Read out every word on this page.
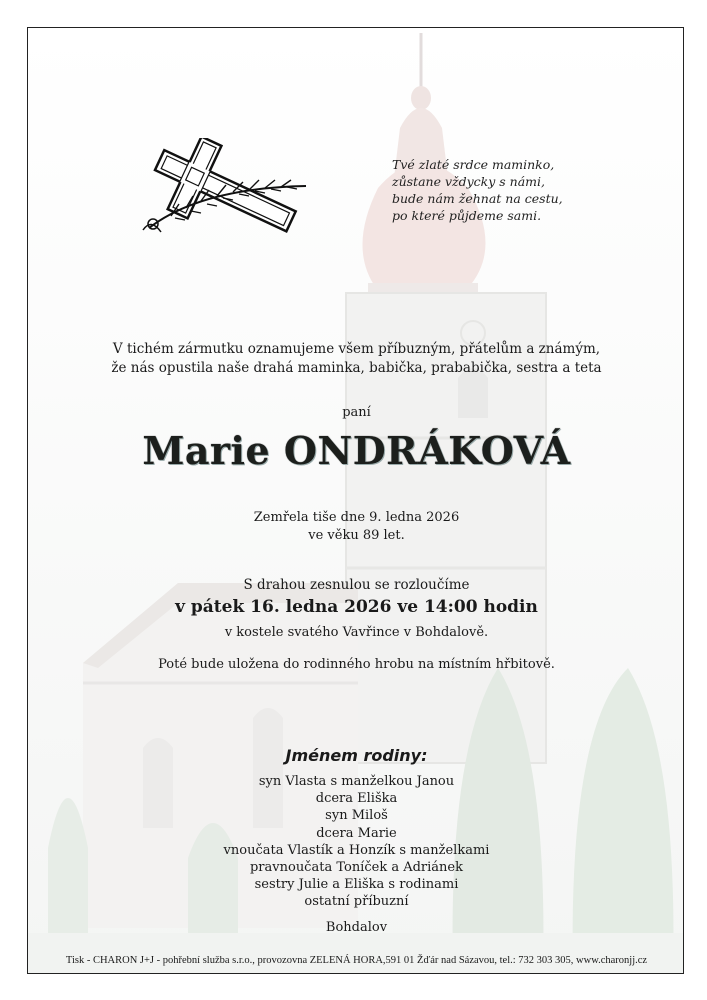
Tvé zlaté srdce maminko,
zůstane vždycky s námi,
bude nám žehnat na cestu,
po které půjdeme sami.
V tichém zármutku oznamujeme všem příbuzným, přátelům a známým,
že nás opustila naše drahá maminka, babička, prababička, sestra a teta
paní
Marie ONDRÁKOVÁ
Zemřela tiše dne 9. ledna 2026
ve věku 89 let.
S drahou zesnulou se rozloučíme
v pátek 16. ledna 2026 ve 14:00 hodin
v kostele svatého Vavřince v Bohdalově.
Poté bude uložena do rodinného hrobu na místním hřbitově.
Jménem rodiny:
syn Vlasta s manželkou Janou
dcera Eliška
syn Miloš
dcera Marie
vnoučata Vlastík a Honzík s manželkami
pravnoučata Toníček a Adriánek
sestry Julie a Eliška s rodinami
ostatní příbuzní
Bohdalov
Tisk - CHARON J+J - pohřební služba s.r.o., provozovna ZELENÁ HORA,591 01 Žďár nad Sázavou, tel.: 732 303 305, www.charonjj.cz
